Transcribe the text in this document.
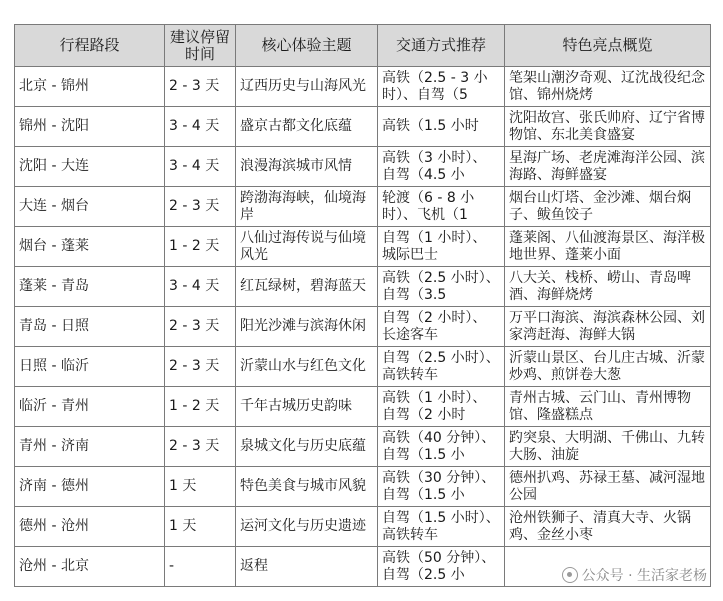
行程路段	建议停留时间	核心体验主题	交通方式推荐	特色亮点概览

北京 - 锦州	2 - 3 天	辽西历史与山海风光	高铁（2.5 - 3 小时）、自驾（5	笔架山潮汐奇观、辽沈战役纪念馆、锦州烧烤

锦州 - 沈阳	3 - 4 天	盛京古都文化底蕴	高铁（1.5 小时	沈阳故宫、张氏帅府、辽宁省博物馆、东北美食盛宴

沈阳 - 大连	3 - 4 天	浪漫海滨城市风情	高铁（3 小时）、自驾（4.5 小	星海广场、老虎滩海洋公园、滨海路、海鲜盛宴

大连 - 烟台	2 - 3 天	跨渤海海峡，仙境海岸	轮渡（6 - 8 小时）、飞机（1	烟台山灯塔、金沙滩、烟台焖子、鲅鱼饺子

烟台 - 蓬莱	1 - 2 天	八仙过海传说与仙境风光	自驾（1 小时）、城际巴士	蓬莱阁、八仙渡海景区、海洋极地世界、蓬莱小面

蓬莱 - 青岛	3 - 4 天	红瓦绿树，碧海蓝天	高铁（2.5 小时）、自驾（3.5	八大关、栈桥、崂山、青岛啤酒、海鲜烧烤

青岛 - 日照	2 - 3 天	阳光沙滩与滨海休闲	自驾（2 小时）、长途客车	万平口海滨、海滨森林公园、刘家湾赶海、海鲜大锅

日照 - 临沂	2 - 3 天	沂蒙山水与红色文化	自驾（2.5 小时）、高铁转车	沂蒙山景区、台儿庄古城、沂蒙炒鸡、煎饼卷大葱

临沂 - 青州	1 - 2 天	千年古城历史韵味	高铁（1 小时）、自驾（2 小时	青州古城、云门山、青州博物馆、隆盛糕点

青州 - 济南	2 - 3 天	泉城文化与历史底蕴	高铁（40 分钟）、自驾（1.5 小	趵突泉、大明湖、千佛山、九转大肠、油旋

济南 - 德州	1 天	特色美食与城市风貌	高铁（30 分钟）、自驾（1.5 小	德州扒鸡、苏禄王墓、减河湿地公园

德州 - 沧州	1 天	运河文化与历史遗迹	自驾（1.5 小时）、高铁转车	沧州铁狮子、清真大寺、火锅鸡、金丝小枣

沧州 - 北京	-	返程	高铁（50 分钟）、自驾（2.5 小	
		公众号 · 生活家老杨
